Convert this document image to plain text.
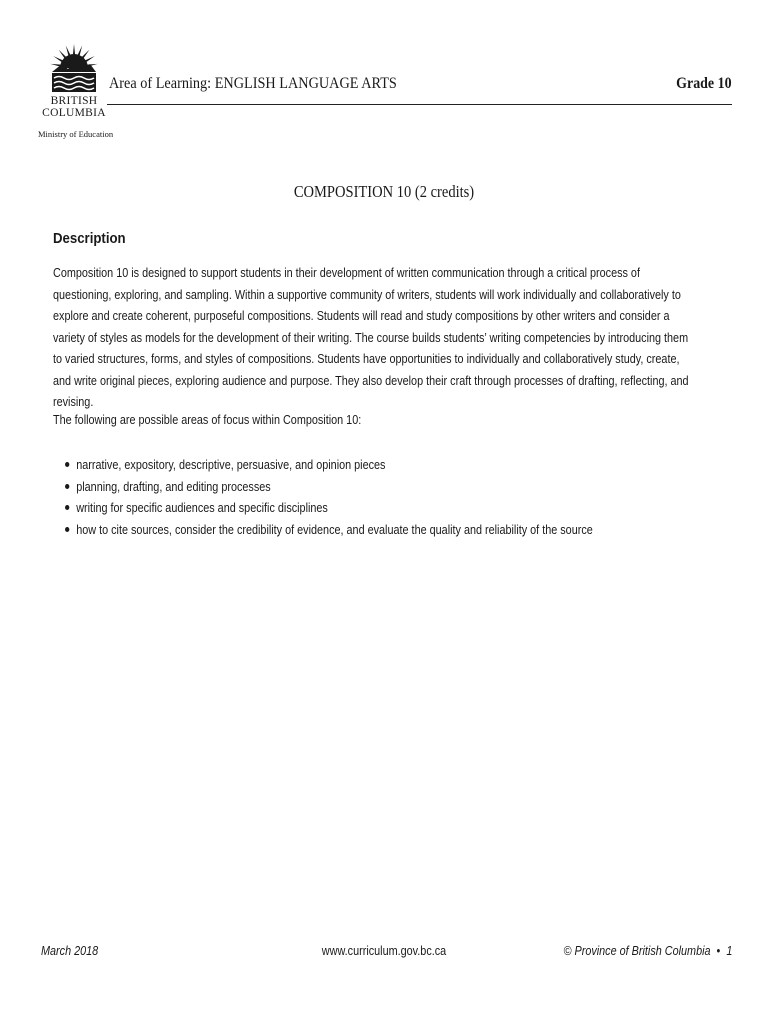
BRITISH
COLUMBIA
Ministry of Education
Area of Learning: ENGLISH LANGUAGE ARTS	Grade 10
COMPOSITION 10 (2 credits)
Description

Composition 10 is designed to support students in their development of written communication through a critical process of questioning, exploring, and sampling. Within a supportive community of writers, students will work individually and collaboratively to explore and create coherent, purposeful compositions. Students will read and study compositions by other writers and consider a variety of styles as models for the development of their writing. The course builds students’ writing competencies by introducing them to varied structures, forms, and styles of compositions. Students have opportunities to individually and collaboratively study, create, and write original pieces, exploring audience and purpose. They also develop their craft through processes of drafting, reflecting, and revising.

The following are possible areas of focus within Composition 10:

narrative, expository, descriptive, persuasive, and opinion pieces
planning, drafting, and editing processes
writing for specific audiences and specific disciplines
how to cite sources, consider the credibility of evidence, and evaluate the quality and reliability of the source
March 2018	www.curriculum.gov.bc.ca	© Province of British Columbia • 1
